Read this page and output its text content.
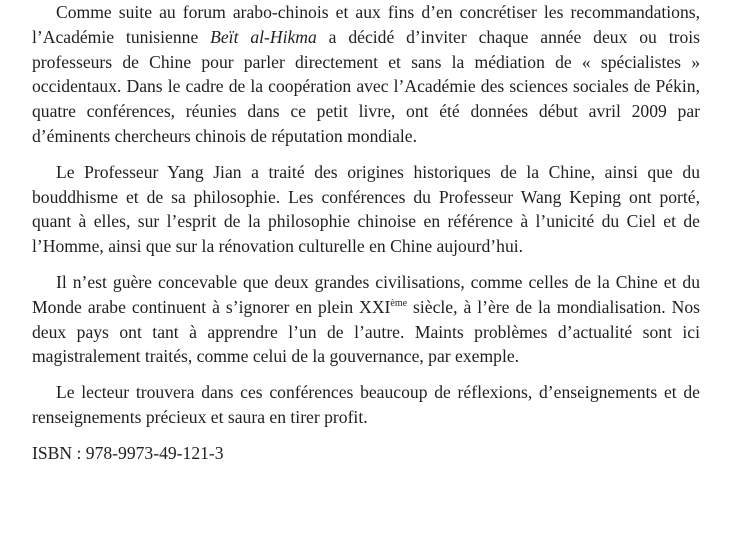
Comme suite au forum arabo-chinois et aux fins d’en concrétiser les recommandations, l’Académie tunisienne Beït al-Hikma a décidé d’inviter chaque année deux ou trois professeurs de Chine pour parler directement et sans la médiation de « spécialistes » occidentaux. Dans le cadre de la coopération avec l’Académie des sciences sociales de Pékin, quatre conférences, réunies dans ce petit livre, ont été données début avril 2009 par d’éminents chercheurs chinois de réputation mondiale.

Le Professeur Yang Jian a traité des origines historiques de la Chine, ainsi que du bouddhisme et de sa philosophie. Les conférences du Professeur Wang Keping ont porté, quant à elles, sur l’esprit de la philosophie chinoise en référence à l’unicité du Ciel et de l’Homme, ainsi que sur la rénovation culturelle en Chine aujourd’hui.

Il n’est guère concevable que deux grandes civilisations, comme celles de la Chine et du Monde arabe continuent à s’ignorer en plein XXIème siècle, à l’ère de la mondialisation. Nos deux pays ont tant à apprendre l’un de l’autre. Maints problèmes d’actualité sont ici magistralement traités, comme celui de la gouvernance, par exemple.

Le lecteur trouvera dans ces conférences beaucoup de réflexions, d’enseignements et de renseignements précieux et saura en tirer profit.

ISBN : 978-9973-49-121-3
